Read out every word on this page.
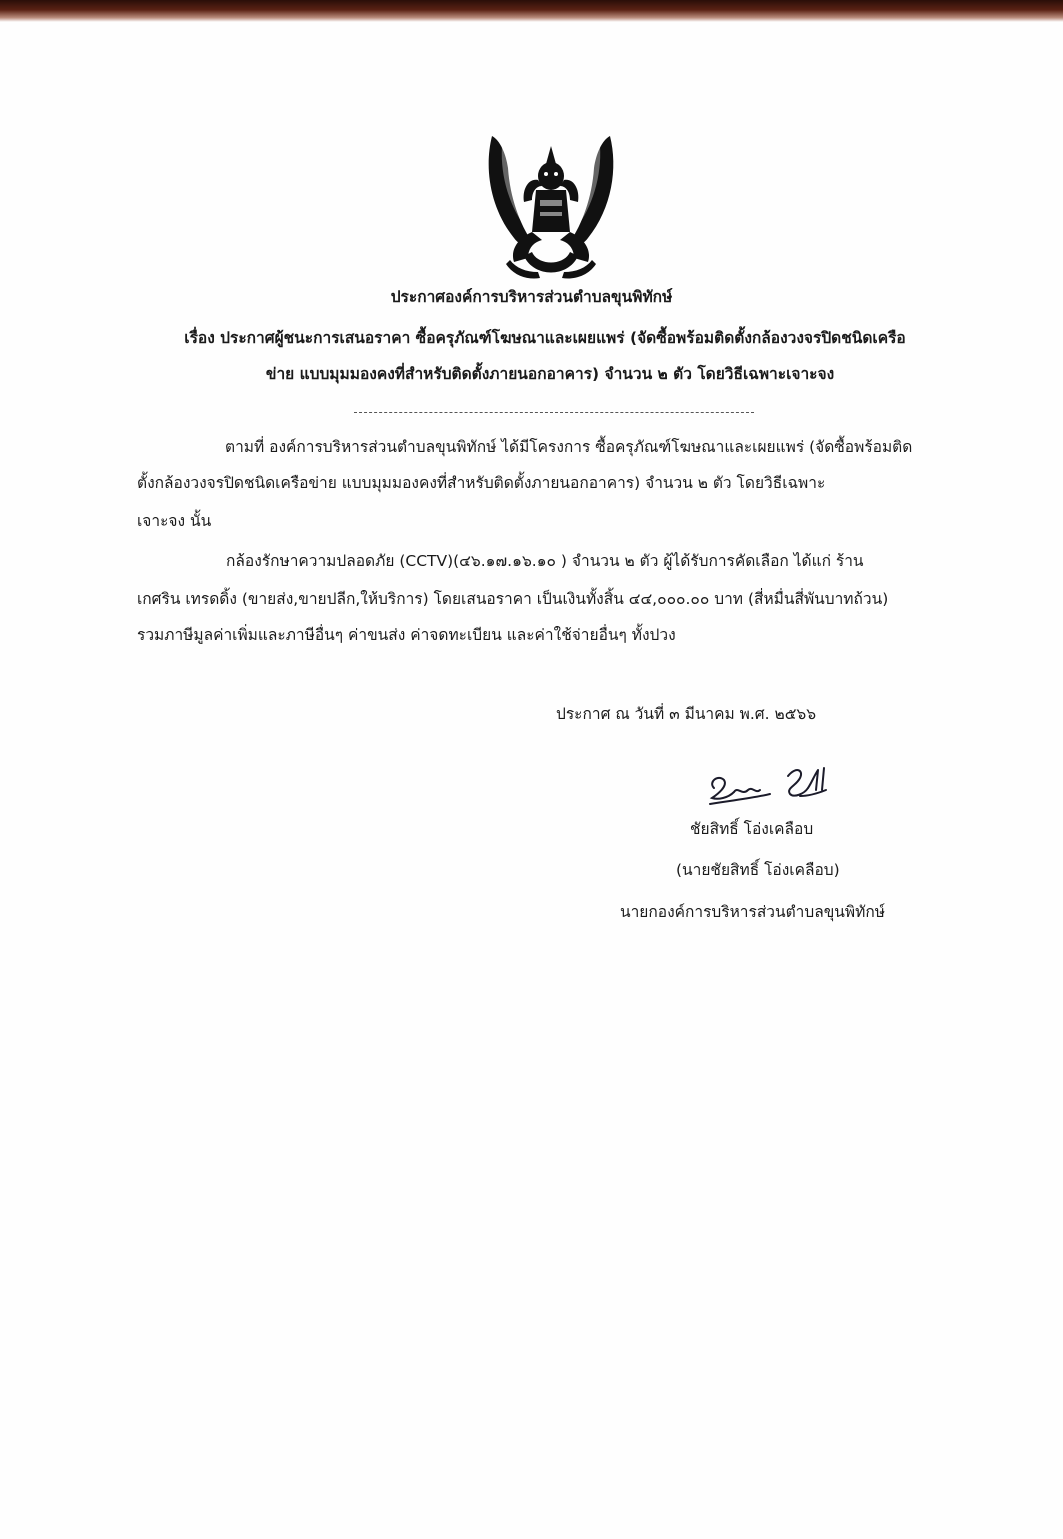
ประกาศองค์การบริหารส่วนตำบลขุนพิทักษ์
เรื่อง ประกาศผู้ชนะการเสนอราคา ซื้อครุภัณฑ์โฆษณาและเผยแพร่ (จัดซื้อพร้อมติดตั้งกล้องวงจรปิดชนิดเครือ
ข่าย แบบมุมมองคงที่สำหรับติดตั้งภายนอกอาคาร) จำนวน ๒ ตัว โดยวิธีเฉพาะเจาะจง
ตามที่ องค์การบริหารส่วนตำบลขุนพิทักษ์ ได้มีโครงการ ซื้อครุภัณฑ์โฆษณาและเผยแพร่ (จัดซื้อพร้อมติด
ตั้งกล้องวงจรปิดชนิดเครือข่าย แบบมุมมองคงที่สำหรับติดตั้งภายนอกอาคาร) จำนวน ๒ ตัว โดยวิธีเฉพาะ
เจาะจง นั้น
กล้องรักษาความปลอดภัย (CCTV)(๔๖.๑๗.๑๖.๑๐ ) จำนวน ๒ ตัว ผู้ได้รับการคัดเลือก ได้แก่ ร้าน
เกศริน เทรดดิ้ง (ขายส่ง,ขายปลีก,ให้บริการ) โดยเสนอราคา เป็นเงินทั้งสิ้น ๔๔,๐๐๐.๐๐ บาท (สี่หมื่นสี่พันบาทถ้วน)
รวมภาษีมูลค่าเพิ่มและภาษีอื่นๆ ค่าขนส่ง ค่าจดทะเบียน และค่าใช้จ่ายอื่นๆ ทั้งปวง
ประกาศ ณ วันที่ ๓ มีนาคม พ.ศ. ๒๕๖๖
ชัยสิทธิ์ โอ่งเคลือบ
(นายชัยสิทธิ์ โอ่งเคลือบ)
นายกองค์การบริหารส่วนตำบลขุนพิทักษ์
